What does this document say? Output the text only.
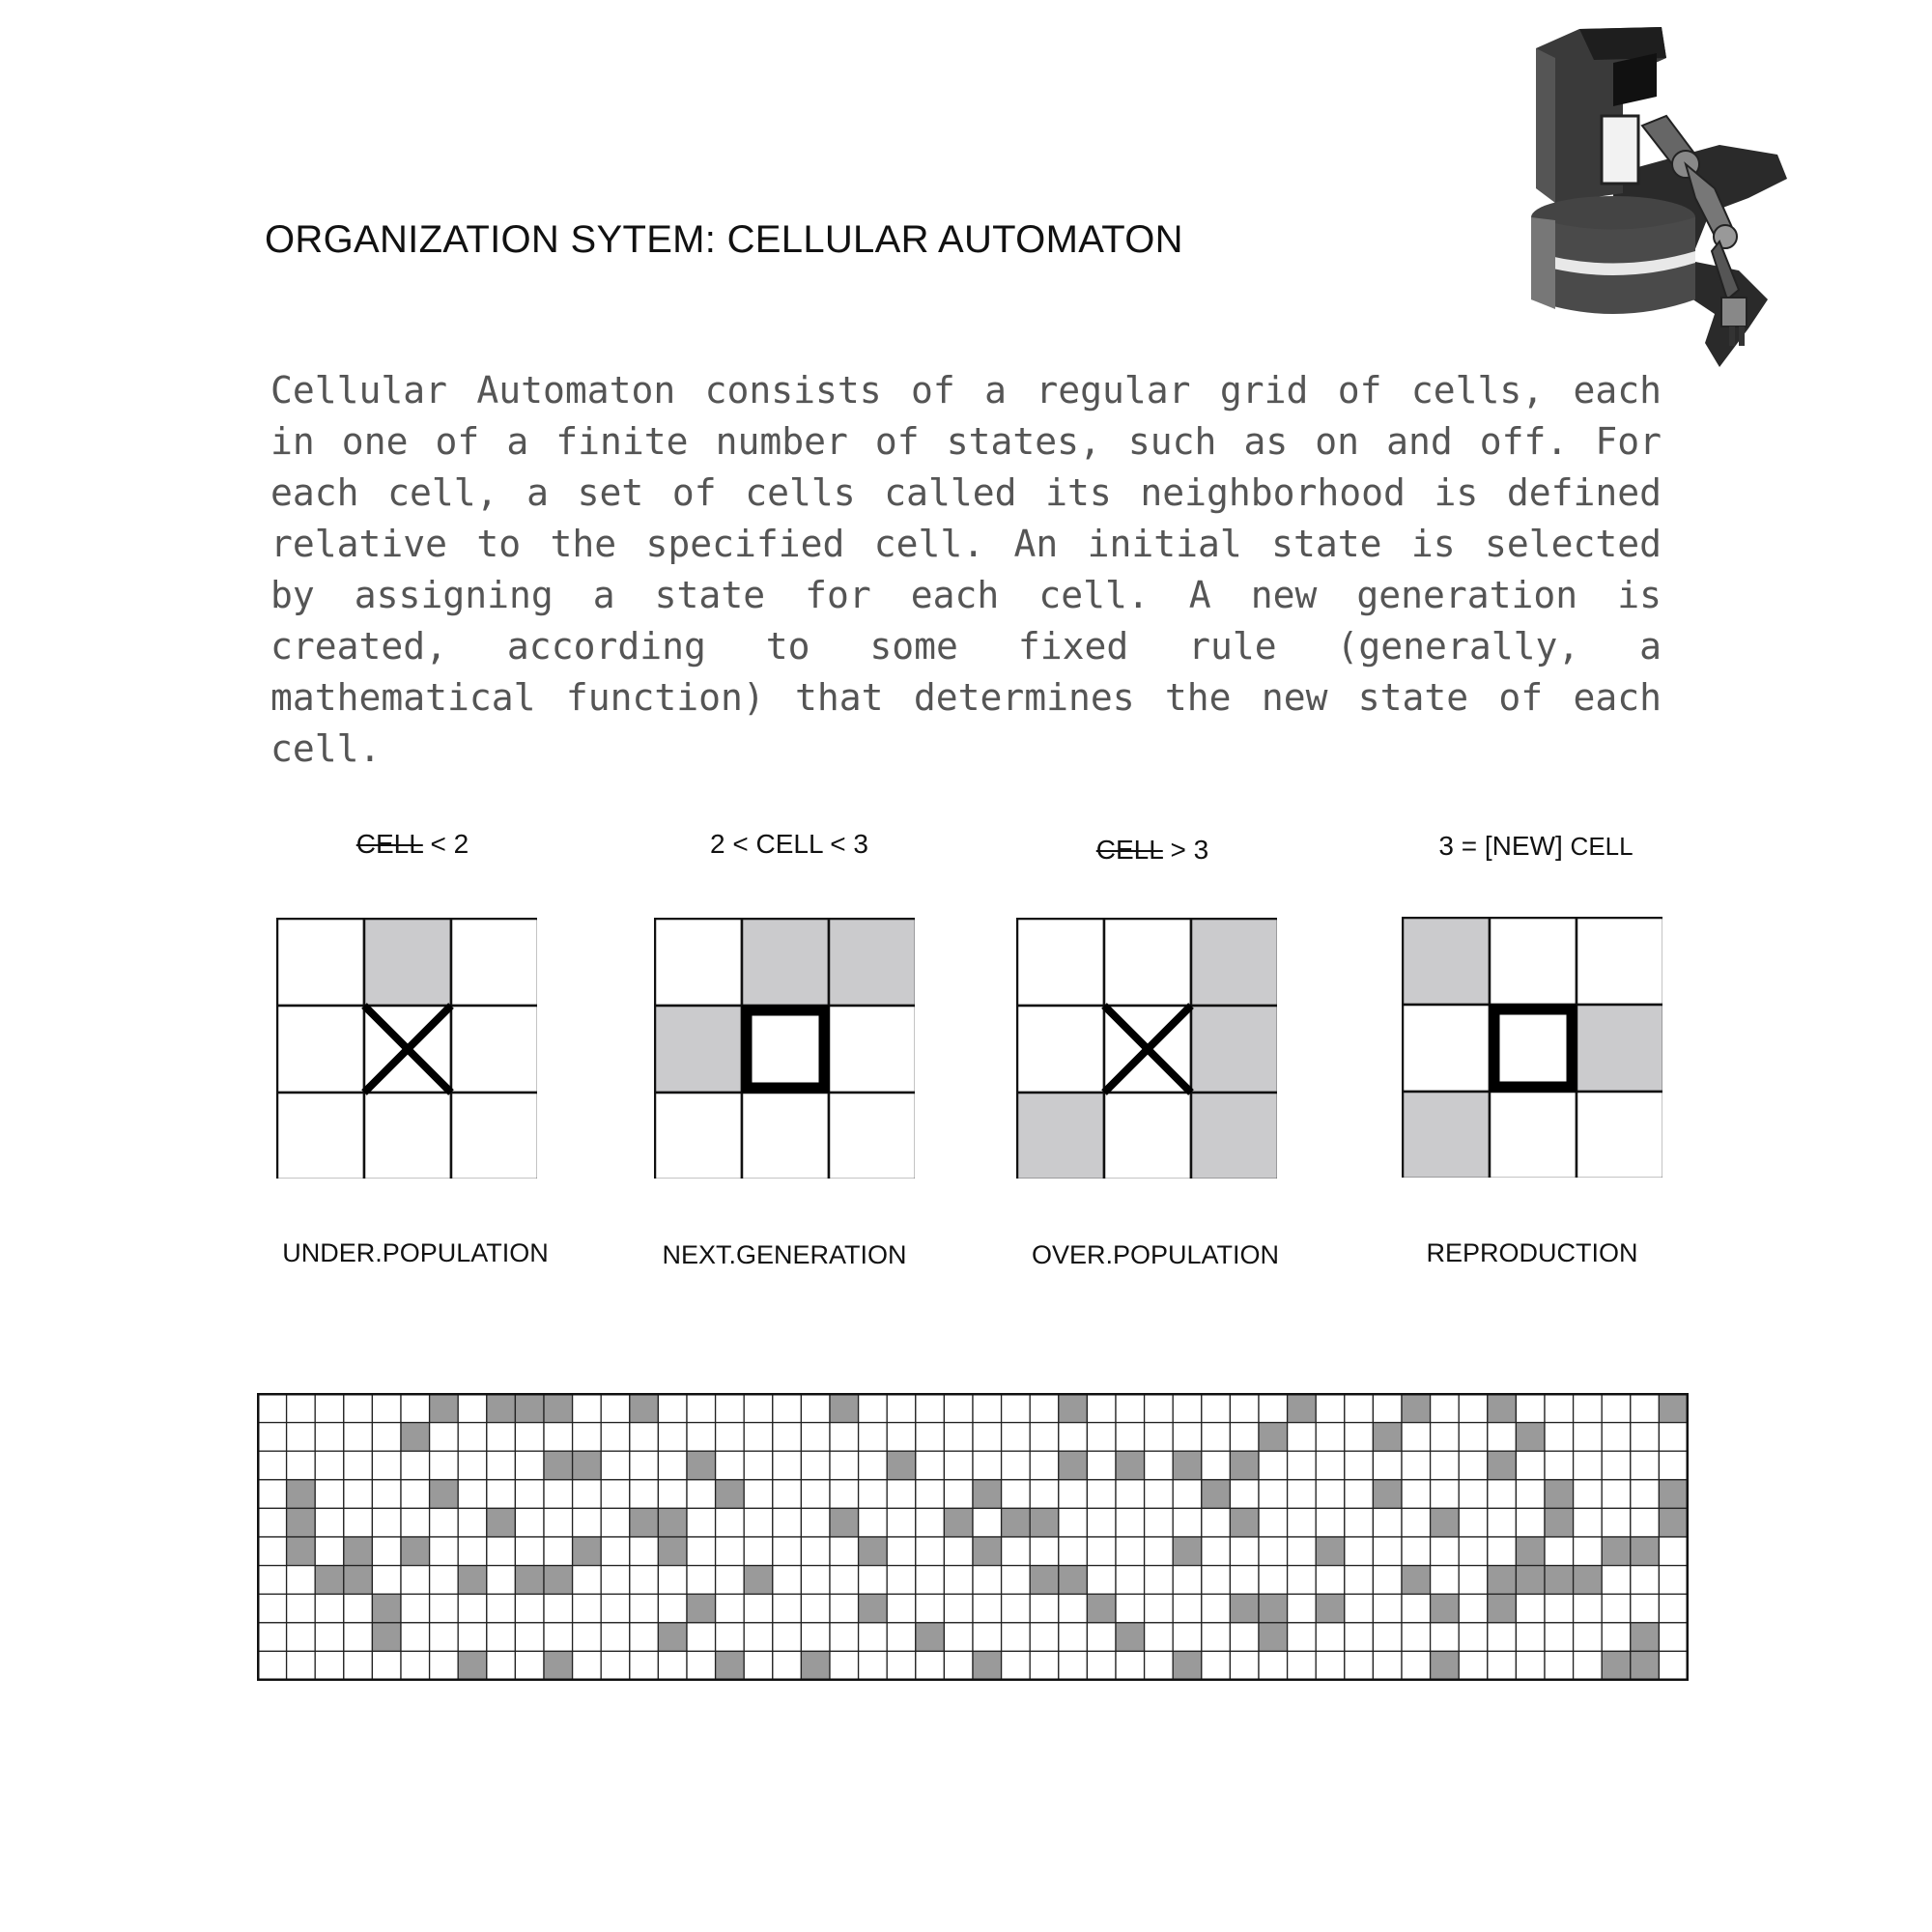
ORGANIZATION SYTEM: CELLULAR AUTOMATON

Cellular Automaton consists of a regular grid of cells, each in one of a finite number of states, such as on and off. For each cell, a set of cells called its neighborhood is defined relative to the specified cell. An initial state is selected by assigning a state for each cell. A new generation is created, according to some fixed rule (generally, a mathematical function) that determines the new state of each cell.

CELL < 2	2 < CELL < 3	CELL > 3	3 = [NEW] CELL
UNDER.POPULATION	NEXT.GENERATION	OVER.POPULATION	REPRODUCTION
